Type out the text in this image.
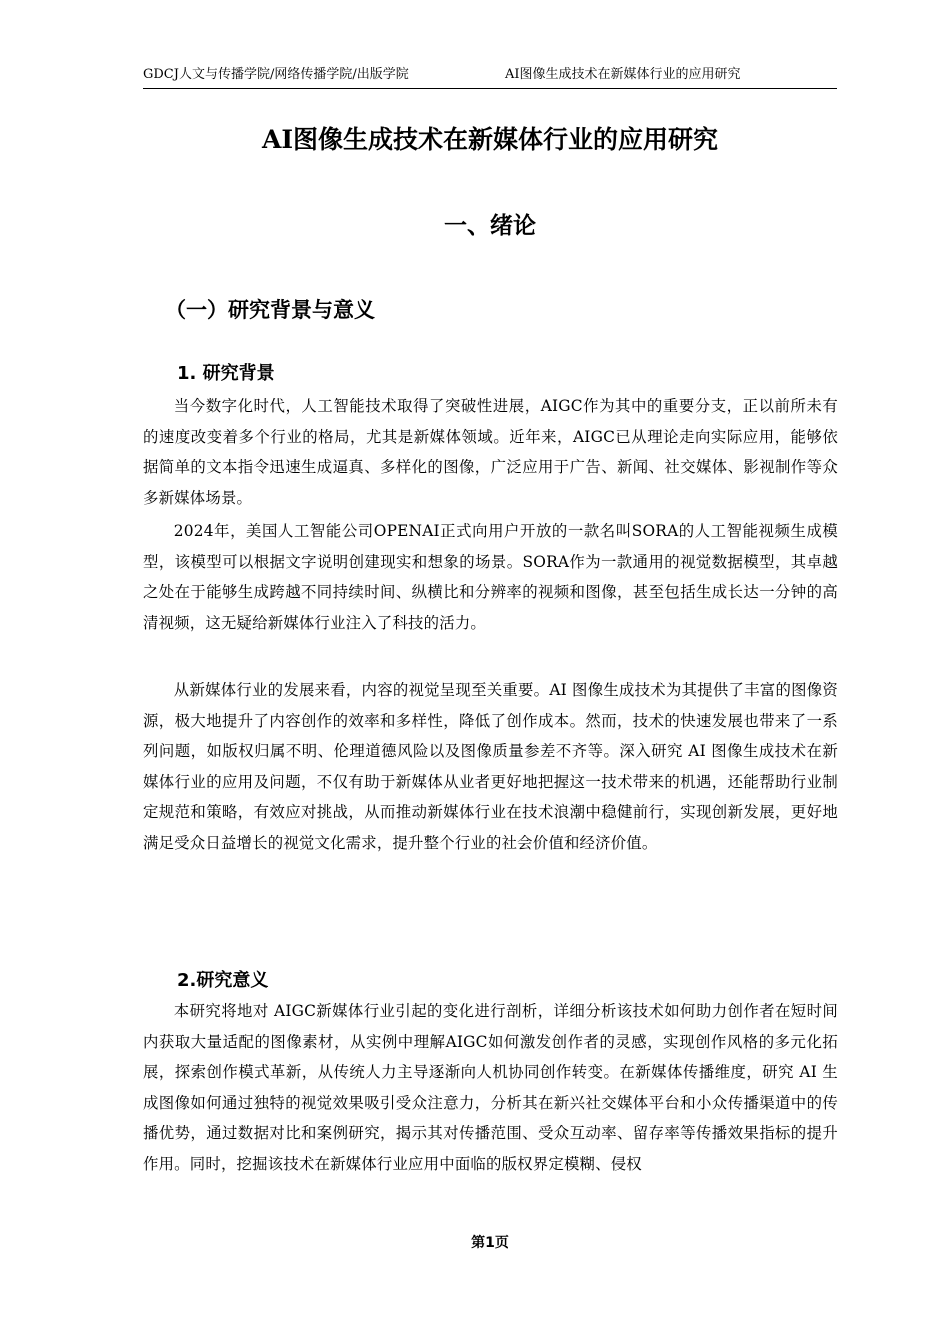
GDCJ人文与传播学院/网络传播学院/出版学院	AI图像生成技术在新媒体行业的应用研究
AI图像生成技术在新媒体行业的应用研究
一、绪论
（一）研究背景与意义
1. 研究背景

当今数字化时代，人工智能技术取得了突破性进展，AIGC作为其中的重要分支，正以前所未有的速度改变着多个行业的格局，尤其是新媒体领域。近年来，AIGC已从理论走向实际应用，能够依据简单的文本指令迅速生成逼真、多样化的图像，广泛应用于广告、新闻、社交媒体、影视制作等众多新媒体场景。

2024年，美国人工智能公司OPENAI正式向用户开放的一款名叫SORA的人工智能视频生成模型，该模型可以根据文字说明创建现实和想象的场景。SORA作为一款通用的视觉数据模型，其卓越之处在于能够生成跨越不同持续时间、纵横比和分辨率的视频和图像，甚至包括生成长达一分钟的高清视频，这无疑给新媒体行业注入了科技的活力。

从新媒体行业的发展来看，内容的视觉呈现至关重要。AI 图像生成技术为其提供了丰富的图像资源，极大地提升了内容创作的效率和多样性，降低了创作成本。然而，技术的快速发展也带来了一系列问题，如版权归属不明、伦理道德风险以及图像质量参差不齐等。深入研究 AI 图像生成技术在新媒体行业的应用及问题，不仅有助于新媒体从业者更好地把握这一技术带来的机遇，还能帮助行业制定规范和策略，有效应对挑战，从而推动新媒体行业在技术浪潮中稳健前行，实现创新发展，更好地满足受众日益增长的视觉文化需求，提升整个行业的社会价值和经济价值。

2.研究意义

本研究将地对 AIGC新媒体行业引起的变化进行剖析，详细分析该技术如何助力创作者在短时间内获取大量适配的图像素材，从实例中理解AIGC如何激发创作者的灵感，实现创作风格的多元化拓展，探索创作模式革新，从传统人力主导逐渐向人机协同创作转变。在新媒体传播维度，研究 AI 生成图像如何通过独特的视觉效果吸引受众注意力，分析其在新兴社交媒体平台和小众传播渠道中的传播优势，通过数据对比和案例研究，揭示其对传播范围、受众互动率、留存率等传播效果指标的提升作用。同时，挖掘该技术在新媒体行业应用中面临的版权界定模糊、侵权

第1页
